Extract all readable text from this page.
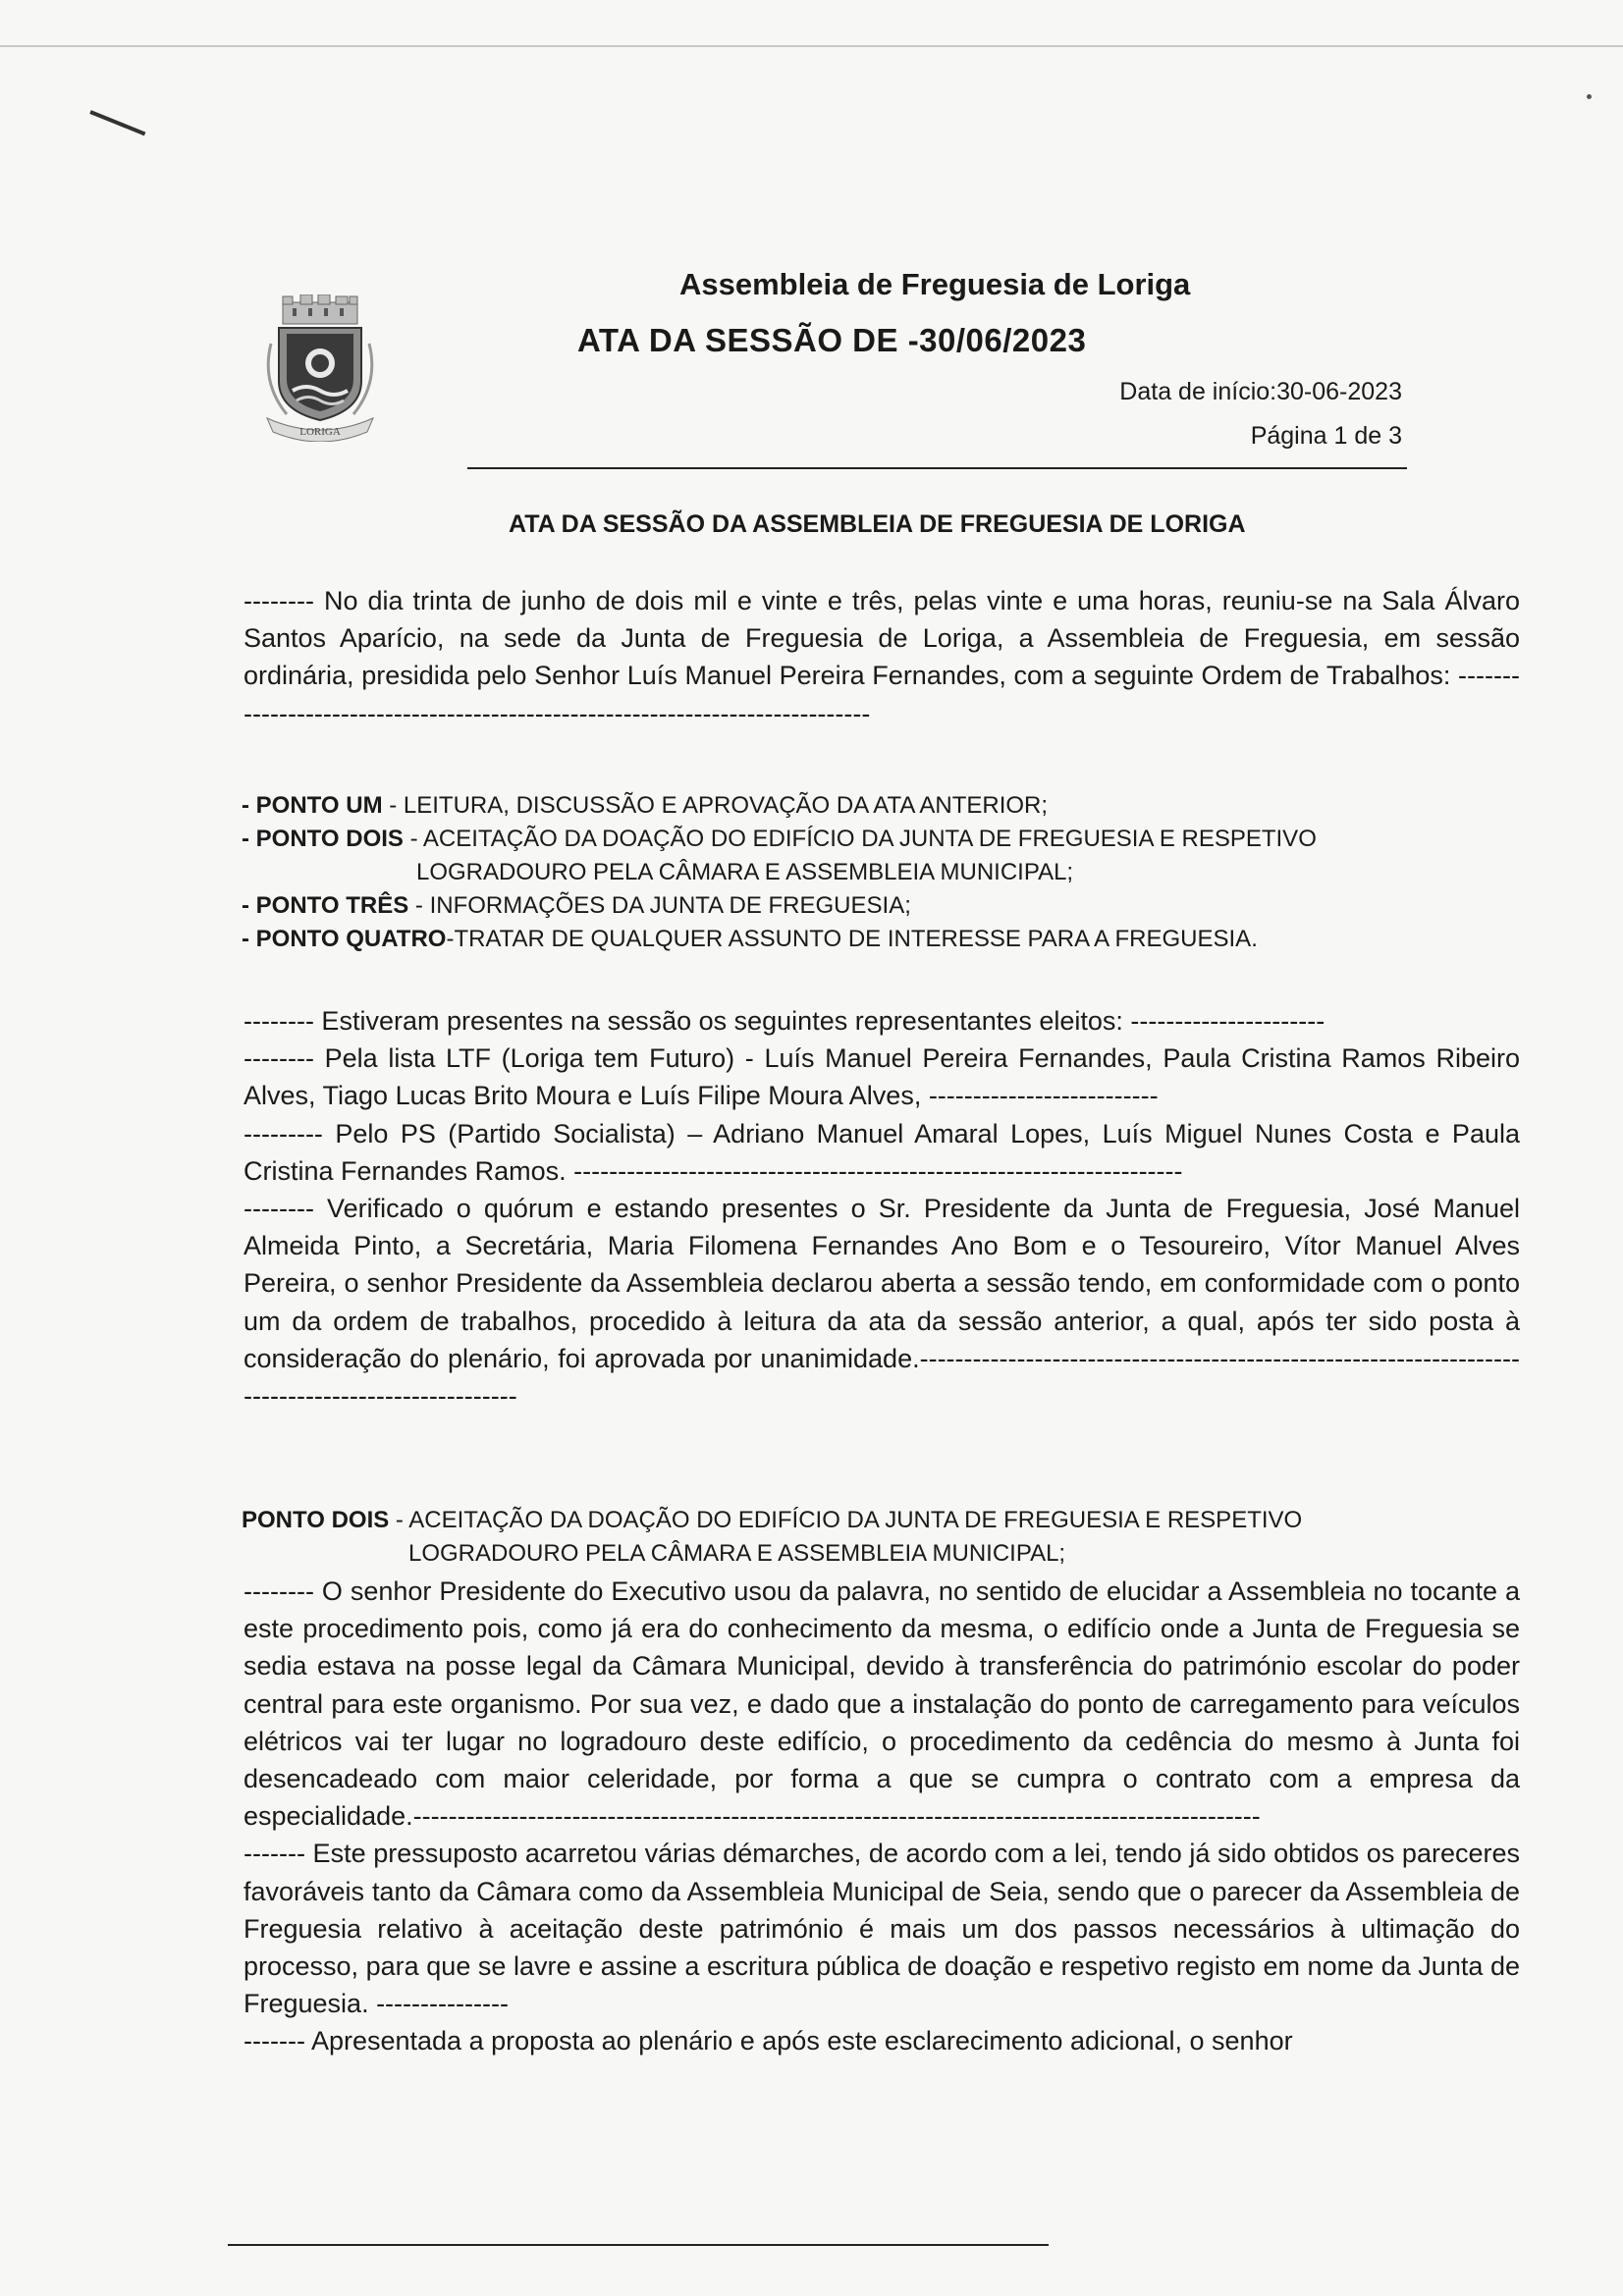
LORIGA
Assembleia de Freguesia de Loriga
ATA DA SESSÃO DE -30/06/2023
Data de início:30-06-2023
Página 1 de 3
ATA DA SESSÃO DA ASSEMBLEIA DE FREGUESIA DE LORIGA

-------- No dia trinta de junho de dois mil e vinte e três, pelas vinte e uma horas, reuniu-se na Sala Álvaro Santos Aparício, na sede da Junta de Freguesia de Loriga, a Assembleia de Freguesia, em sessão ordinária, presidida pelo Senhor Luís Manuel Pereira Fernandes, com a seguinte Ordem de Trabalhos: ------------------------------------------------------------------------------

- PONTO UM - LEITURA, DISCUSSÃO E APROVAÇÃO DA ATA ANTERIOR;
- PONTO DOIS - ACEITAÇÃO DA DOAÇÃO DO EDIFÍCIO DA JUNTA DE FREGUESIA E RESPETIVO
LOGRADOURO PELA CÂMARA E ASSEMBLEIA MUNICIPAL;
- PONTO TRÊS - INFORMAÇÕES DA JUNTA DE FREGUESIA;
- PONTO QUATRO-TRATAR DE QUALQUER ASSUNTO DE INTERESSE PARA A FREGUESIA.

-------- Estiveram presentes na sessão os seguintes representantes eleitos: ----------------------

-------- Pela lista LTF (Loriga tem Futuro) - Luís Manuel Pereira Fernandes, Paula Cristina Ramos Ribeiro Alves, Tiago Lucas Brito Moura e Luís Filipe Moura Alves, --------------------------

--------- Pelo PS (Partido Socialista) – Adriano Manuel Amaral Lopes, Luís Miguel Nunes Costa e Paula Cristina Fernandes Ramos. ---------------------------------------------------------------------

-------- Verificado o quórum e estando presentes o Sr. Presidente da Junta de Freguesia, José Manuel Almeida Pinto, a Secretária, Maria Filomena Fernandes Ano Bom e o Tesoureiro, Vítor Manuel Alves Pereira, o senhor Presidente da Assembleia declarou aberta a sessão tendo, em conformidade com o ponto um da ordem de trabalhos, procedido à leitura da ata da sessão anterior, a qual, após ter sido posta à consideração do plenário, foi aprovada por unanimidade.---------------------------------------------------------------------------------------------------

PONTO DOIS - ACEITAÇÃO DA DOAÇÃO DO EDIFÍCIO DA JUNTA DE FREGUESIA E RESPETIVO
LOGRADOURO PELA CÂMARA E ASSEMBLEIA MUNICIPAL;

-------- O senhor Presidente do Executivo usou da palavra, no sentido de elucidar a Assembleia no tocante a este procedimento pois, como já era do conhecimento da mesma, o edifício onde a Junta de Freguesia se sedia estava na posse legal da Câmara Municipal, devido à transferência do património escolar do poder central para este organismo. Por sua vez, e dado que a instalação do ponto de carregamento para veículos elétricos vai ter lugar no logradouro deste edifício, o procedimento da cedência do mesmo à Junta foi desencadeado com maior celeridade, por forma a que se cumpra o contrato com a empresa da especialidade.------------------------------------------------------------------------------------------------

------- Este pressuposto acarretou várias démarches, de acordo com a lei, tendo já sido obtidos os pareceres favoráveis tanto da Câmara como da Assembleia Municipal de Seia, sendo que o parecer da Assembleia de Freguesia relativo à aceitação deste património é mais um dos passos necessários à ultimação do processo, para que se lavre e assine a escritura pública de doação e respetivo registo em nome da Junta de Freguesia. ---------------

------- Apresentada a proposta ao plenário e após este esclarecimento adicional, o senhor
